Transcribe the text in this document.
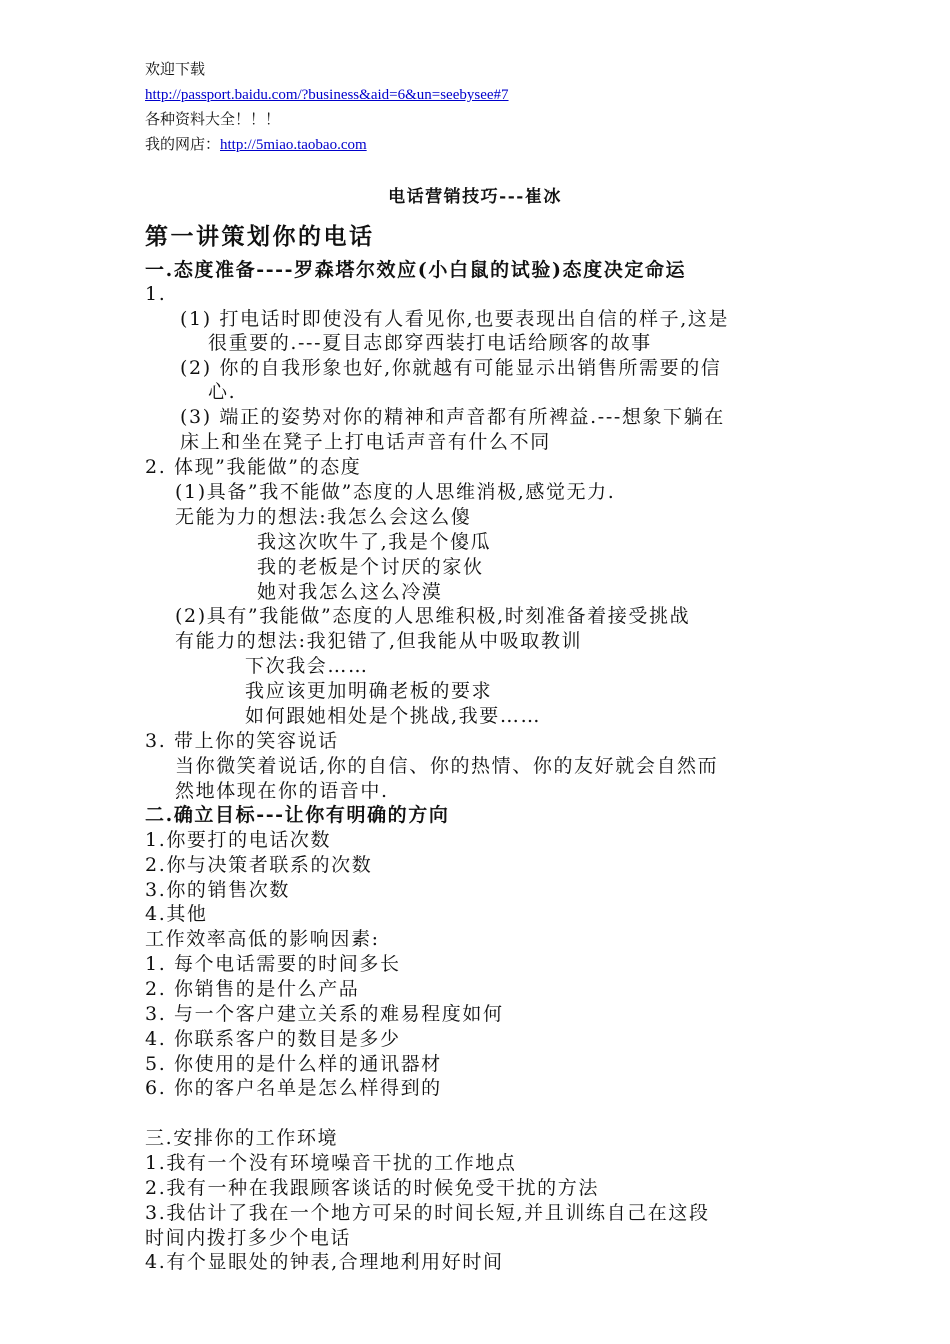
欢迎下载
http://passport.baidu.com/?business&aid=6&un=seebysee#7
各种资料大全！！！
我的网店：http://5miao.taobao.com
电话营销技巧---崔冰
第一讲策划你的电话
一.态度准备----罗森塔尔效应(小白鼠的试验)态度决定命运
1.
(1) 打电话时即使没有人看见你,也要表现出自信的样子,这是
很重要的.---夏目志郎穿西装打电话给顾客的故事
(2) 你的自我形象也好,你就越有可能显示出销售所需要的信
心.
(3) 端正的姿势对你的精神和声音都有所裨益.---想象下躺在
床上和坐在凳子上打电话声音有什么不同
2. 体现”我能做”的态度
(1)具备”我不能做”态度的人思维消极,感觉无力.
无能为力的想法:我怎么会这么傻
我这次吹牛了,我是个傻瓜
我的老板是个讨厌的家伙
她对我怎么这么冷漠
(2)具有”我能做”态度的人思维积极,时刻准备着接受挑战
有能力的想法:我犯错了,但我能从中吸取教训
下次我会……
我应该更加明确老板的要求
如何跟她相处是个挑战,我要……
3. 带上你的笑容说话
当你微笑着说话,你的自信、你的热情、你的友好就会自然而
然地体现在你的语音中.
二.确立目标---让你有明确的方向
1.你要打的电话次数
2.你与决策者联系的次数
3.你的销售次数
4.其他
工作效率高低的影响因素:
1. 每个电话需要的时间多长
2. 你销售的是什么产品
3. 与一个客户建立关系的难易程度如何
4. 你联系客户的数目是多少
5. 你使用的是什么样的通讯器材
6. 你的客户名单是怎么样得到的
三.安排你的工作环境
1.我有一个没有环境噪音干扰的工作地点
2.我有一种在我跟顾客谈话的时候免受干扰的方法
3.我估计了我在一个地方可呆的时间长短,并且训练自己在这段
时间内拨打多少个电话
4.有个显眼处的钟表,合理地利用好时间
